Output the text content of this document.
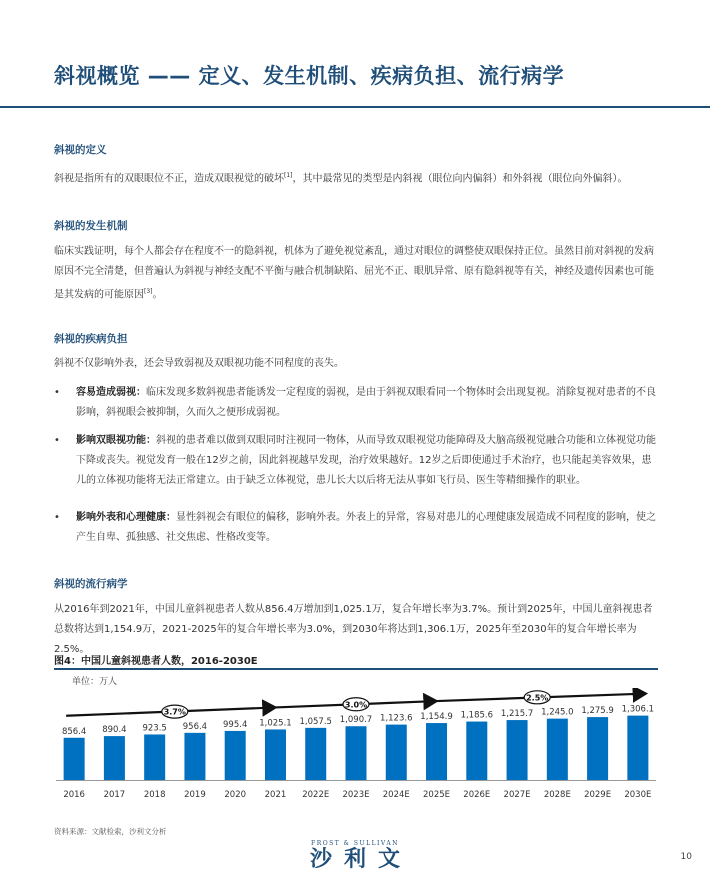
斜视概览 —— 定义、发生机制、疾病负担、流行病学
斜视的定义

斜视是指所有的双眼眼位不正，造成双眼视觉的破坏[1]，其中最常见的类型是内斜视（眼位向内偏斜）和外斜视（眼位向外偏斜）。

斜视的发生机制

临床实践证明，每个人都会存在程度不一的隐斜视，机体为了避免视觉紊乱，通过对眼位的调整使双眼保持正位。虽然目前对斜视的发病原因不完全清楚，但普遍认为斜视与神经支配不平衡与融合机制缺陷、屈光不正、眼肌异常、原有隐斜视等有关，神经及遗传因素也可能是其发病的可能原因[3]。

斜视的疾病负担

斜视不仅影响外表，还会导致弱视及双眼视功能不同程度的丧失。

• 容易造成弱视：临床发现多数斜视患者能诱发一定程度的弱视，是由于斜视双眼看同一个物体时会出现复视。消除复视对患者的不良影响，斜视眼会被抑制，久而久之便形成弱视。
• 影响双眼视功能：斜视的患者难以做到双眼同时注视同一物体，从而导致双眼视觉功能障碍及大脑高级视觉融合功能和立体视觉功能下降或丧失。视觉发育一般在12岁之前，因此斜视越早发现，治疗效果越好。12岁之后即使通过手术治疗，也只能起美容效果，患儿的立体视功能将无法正常建立。由于缺乏立体视觉，患儿长大以后将无法从事如飞行员、医生等精细操作的职业。
• 影响外表和心理健康：显性斜视会有眼位的偏移，影响外表。外表上的异常，容易对患儿的心理健康发展造成不同程度的影响，使之产生自卑、孤独感、社交焦虑、性格改变等。
斜视的流行病学

从2016年到2021年，中国儿童斜视患者人数从856.4万增加到1,025.1万，复合年增长率为3.7%。预计到2025年，中国儿童斜视患者总数将达到1,154.9万，2021-2025年的复合年增长率为3.0%，到2030年将达到1,306.1万，2025年至2030年的复合年增长率为2.5%。

图4：中国儿童斜视患者人数，2016-2030E
单位：万人
856.4
2016
890.4
2017
923.5
2018
956.4
2019
995.4
2020
1,025.1
2021
1,057.5
2022E
1,090.7
2023E
1,123.6
2024E
1,154.9
2025E
1,185.6
2026E
1,215.7
2027E
1,245.0
2028E
1,275.9
2029E
1,306.1
2030E
3.7%
3.0%
2.5%
资料来源：文献检索，沙利文分析
FROST & SULLIVAN
沙利文	10
